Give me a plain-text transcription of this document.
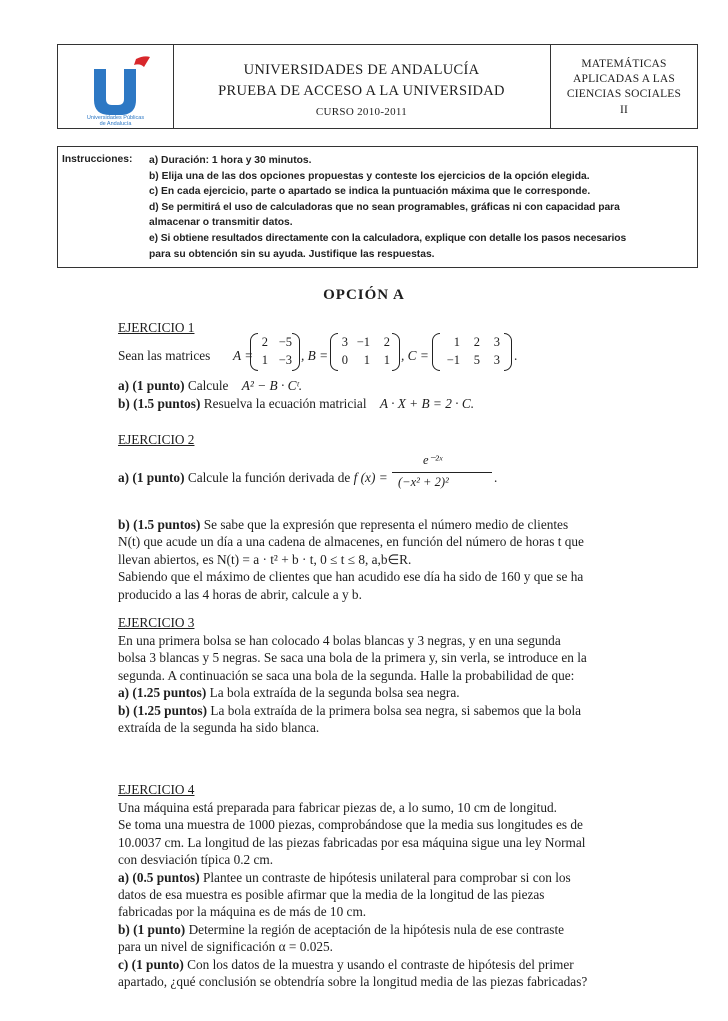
Universidades Públicas
de Andalucía
UNIVERSIDADES DE ANDALUCÍA
PRUEBA DE ACCESO A LA UNIVERSIDAD
CURSO 2010-2011
MATEMÁTICAS
APLICADAS A LAS
CIENCIAS SOCIALES
II
Instrucciones: a) Duración: 1 hora y 30 minutos.
b) Elija una de las dos opciones propuestas y conteste los ejercicios de la opción elegida.
c) En cada ejercicio, parte o apartado se indica la puntuación máxima que le corresponde.
d) Se permitirá el uso de calculadoras que no sean programables, gráficas ni con capacidad para
almacenar o transmitir datos.
e) Si obtiene resultados directamente con la calculadora, explique con detalle los pasos necesarios
para su obtención sin su ayuda. Justifique las respuestas.
OPCIÓN A
EJERCICIO 1
Sean las matrices A =
2 −5
1 −3 , B =
3 −1	2
0	1	1 , C =
1	2	3
−1	5	3 .
a) (1 punto) Calcule A² − B · Cᵗ.
b) (1.5 puntos) Resuelva la ecuación matricial A · X + B = 2 · C.
EJERCICIO 2
a) (1 punto) Calcule la función derivada de f (x) =
e⁻²ˣ
(−x² + 2)²	.

b) (1.5 puntos) Se sabe que la expresión que representa el número medio de clientes

N(t) que acude un día a una cadena de almacenes, en función del número de horas t que

llevan abiertos, es N(t) = a · t² + b · t, 0 ≤ t ≤ 8, a,b∈R.

Sabiendo que el máximo de clientes que han acudido ese día ha sido de 160 y que se ha

producido a las 4 horas de abrir, calcule a y b.

EJERCICIO 3

En una primera bolsa se han colocado 4 bolas blancas y 3 negras, y en una segunda

bolsa 3 blancas y 5 negras. Se saca una bola de la primera y, sin verla, se introduce en la

segunda. A continuación se saca una bola de la segunda. Halle la probabilidad de que:

a) (1.25 puntos) La bola extraída de la segunda bolsa sea negra.

b) (1.25 puntos) La bola extraída de la primera bolsa sea negra, si sabemos que la bola

extraída de la segunda ha sido blanca.

EJERCICIO 4

Una máquina está preparada para fabricar piezas de, a lo sumo, 10 cm de longitud.

Se toma una muestra de 1000 piezas, comprobándose que la media sus longitudes es de

10.0037 cm. La longitud de las piezas fabricadas por esa máquina sigue una ley Normal

con desviación típica 0.2 cm.

a) (0.5 puntos) Plantee un contraste de hipótesis unilateral para comprobar si con los

datos de esa muestra es posible afirmar que la media de la longitud de las piezas

fabricadas por la máquina es de más de 10 cm.

b) (1 punto) Determine la región de aceptación de la hipótesis nula de ese contraste

para un nivel de significación α = 0.025.

c) (1 punto) Con los datos de la muestra y usando el contraste de hipótesis del primer

apartado, ¿qué conclusión se obtendría sobre la longitud media de las piezas fabricadas?
